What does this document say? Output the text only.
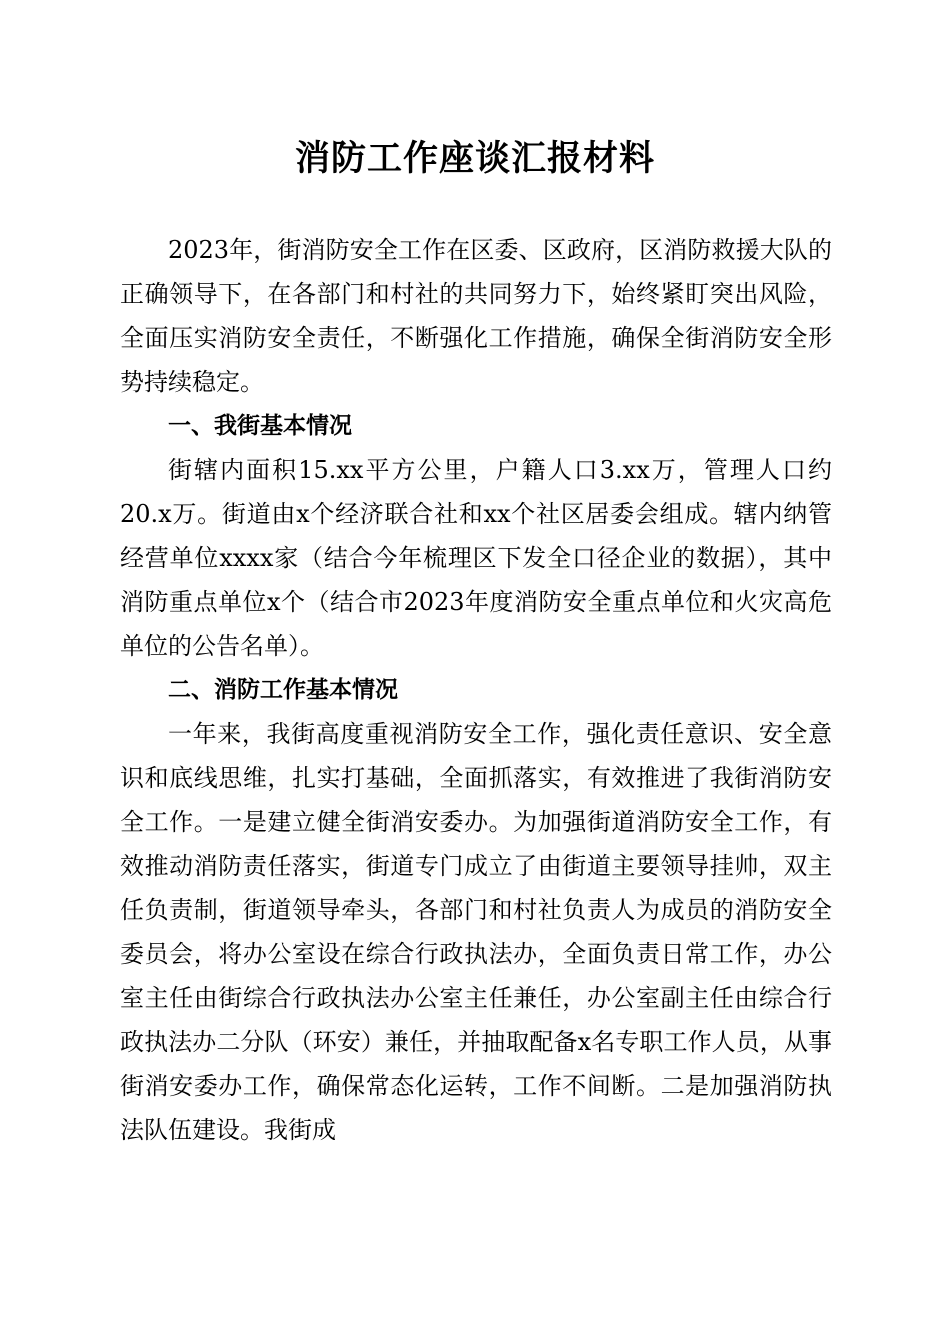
消防工作座谈汇报材料

2023年，街消防安全工作在区委、区政府，区消防救援大队的正确领导下，在各部门和村社的共同努力下，始终紧盯突出风险，全面压实消防安全责任，不断强化工作措施，确保全街消防安全形势持续稳定。

一、我街基本情况

街辖内面积15.xx平方公里，户籍人口3.xx万，管理人口约20.x万。街道由x个经济联合社和xx个社区居委会组成。辖内纳管经营单位xxxx家（结合今年梳理区下发全口径企业的数据），其中消防重点单位x个（结合市2023年度消防安全重点单位和火灾高危单位的公告名单）。

二、消防工作基本情况

一年来，我街高度重视消防安全工作，强化责任意识、安全意识和底线思维，扎实打基础，全面抓落实，有效推进了我街消防安全工作。一是建立健全街消安委办。为加强街道消防安全工作，有效推动消防责任落实，街道专门成立了由街道主要领导挂帅，双主任负责制，街道领导牵头，各部门和村社负责人为成员的消防安全委员会，将办公室设在综合行政执法办，全面负责日常工作，办公室主任由街综合行政执法办公室主任兼任，办公室副主任由综合行政执法办二分队（环安）兼任，并抽取配备x名专职工作人员，从事街消安委办工作，确保常态化运转，工作不间断。二是加强消防执法队伍建设。我街成
